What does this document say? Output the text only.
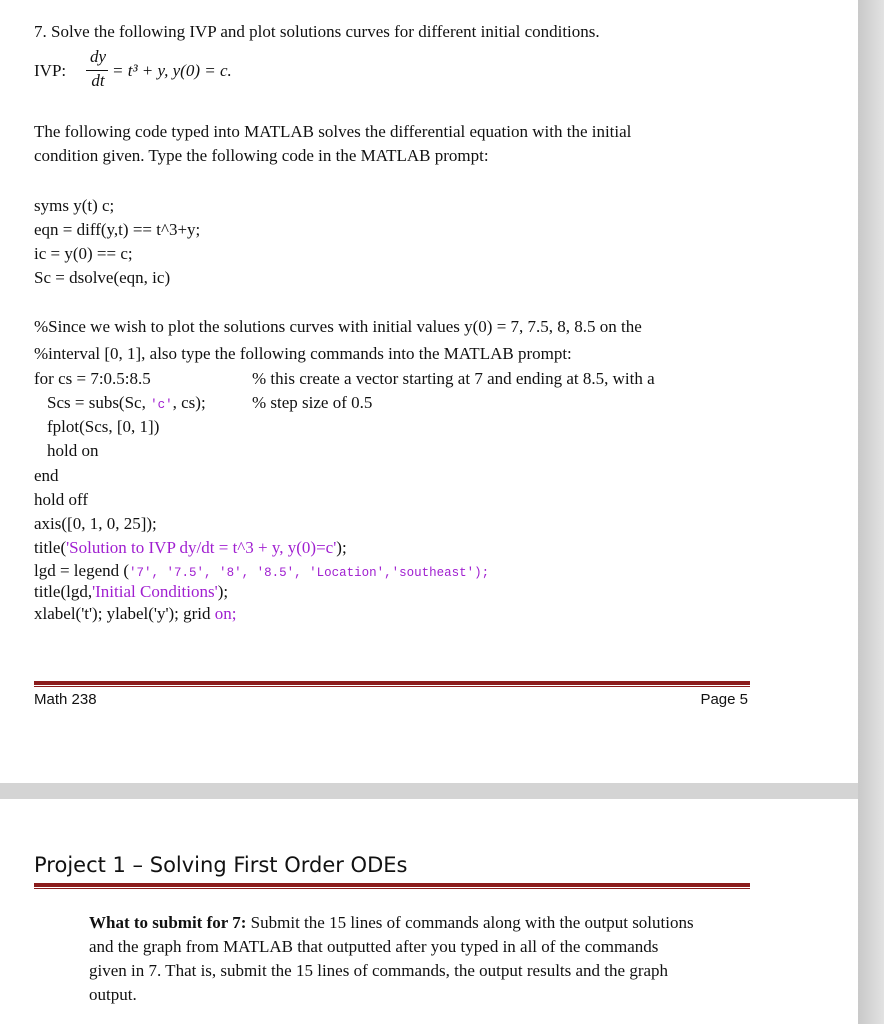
7. Solve the following IVP and plot solutions curves for different initial conditions.
IVP:
dy
dt
= t³ + y, y(0) = c.
The following code typed into MATLAB solves the differential equation with the initial
condition given. Type the following code in the MATLAB prompt:
syms y(t) c;
eqn = diff(y,t) == t^3+y;
ic = y(0) == c;
Sc = dsolve(eqn, ic)
%Since we wish to plot the solutions curves with initial values y(0) = 7, 7.5, 8, 8.5 on the
%interval [0, 1], also type the following commands into the MATLAB prompt:
for cs = 7:0.5:8.5	% this create a vector starting at 7 and ending at 8.5, with a
Scs = subs(Sc, 'c', cs);	% step size of 0.5
fplot(Scs, [0, 1])
hold on
end
hold off
axis([0, 1, 0, 25]);
title('Solution to IVP dy/dt = t^3 + y, y(0)=c');
lgd = legend ('7', '7.5', '8', '8.5', 'Location','southeast');
title(lgd,'Initial Conditions');
xlabel('t'); ylabel('y'); grid on;
Math 238	Page 5
Project 1 – Solving First Order ODEs
What to submit for 7: Submit the 15 lines of commands along with the output solutions
and the graph from MATLAB that outputted after you typed in all of the commands
given in 7. That is, submit the 15 lines of commands, the output results and the graph
output.
